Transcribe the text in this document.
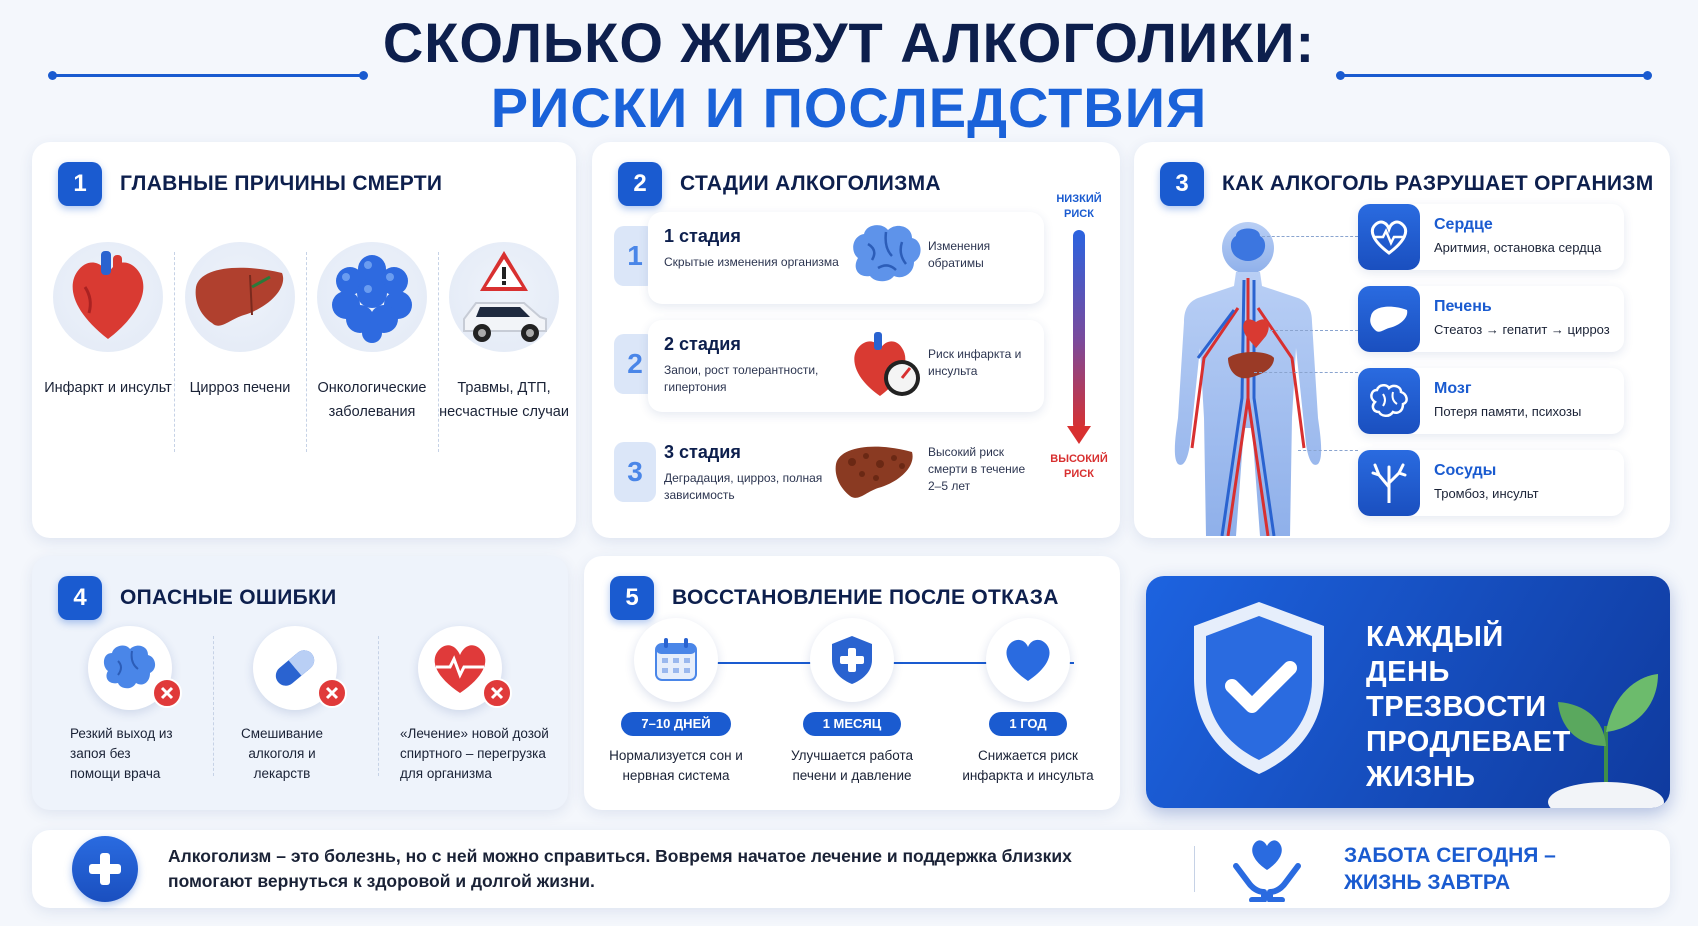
СКОЛЬКО ЖИВУТ АЛКОГОЛИКИ:
РИСКИ И ПОСЛЕДСТВИЯ
1	ГЛАВНЫЕ ПРИЧИНЫ СМЕРТИ
Инфаркт и инсульт	Цирроз печени	Онкологические заболевания
Травмы, ДТП, несчастные случаи
2	СТАДИИ АЛКОГОЛИЗМА
НИЗКИЙ РИСК
ВЫСОКИЙ РИСК
1
1 стадия
Скрытые изменения организма
Изменения обратимы
2
2 стадия
Запои, рост толерантности, гипертония
Риск инфаркта и инсульта
3
3 стадия
Деградация, цирроз, полная зависимость
Высокий риск смерти в течение 2–5 лет
3	КАК АЛКОГОЛЬ РАЗРУШАЕТ ОРГАНИЗМ
Сердце
Аритмия, остановка сердца
Печень
Стеатоз → гепатит → цирроз
Мозг
Потеря памяти, психозы
Сосуды
Тромбоз, инсульт
4	ОПАСНЫЕ ОШИБКИ
Резкий выход из запоя без помощи врача
Смешивание алкоголя и лекарств
«Лечение» новой дозой спиртного – перегрузка для организма
5	ВОССТАНОВЛЕНИЕ ПОСЛЕ ОТКАЗА
7–10 ДНЕЙ
Нормализуется сон и нервная система
1 МЕСЯЦ
Улучшается работа печени и давление
1 ГОД
Снижается риск инфаркта и инсульта
КАЖДЫЙ ДЕНЬ ТРЕЗВОСТИ ПРОДЛЕВАЕТ ЖИЗНЬ
Алкоголизм – это болезнь, но с ней можно справиться. Вовремя начатое лечение и поддержка близких помогают вернуться к здоровой и долгой жизни.
ЗАБОТА СЕГОДНЯ – ЖИЗНЬ ЗАВТРА
